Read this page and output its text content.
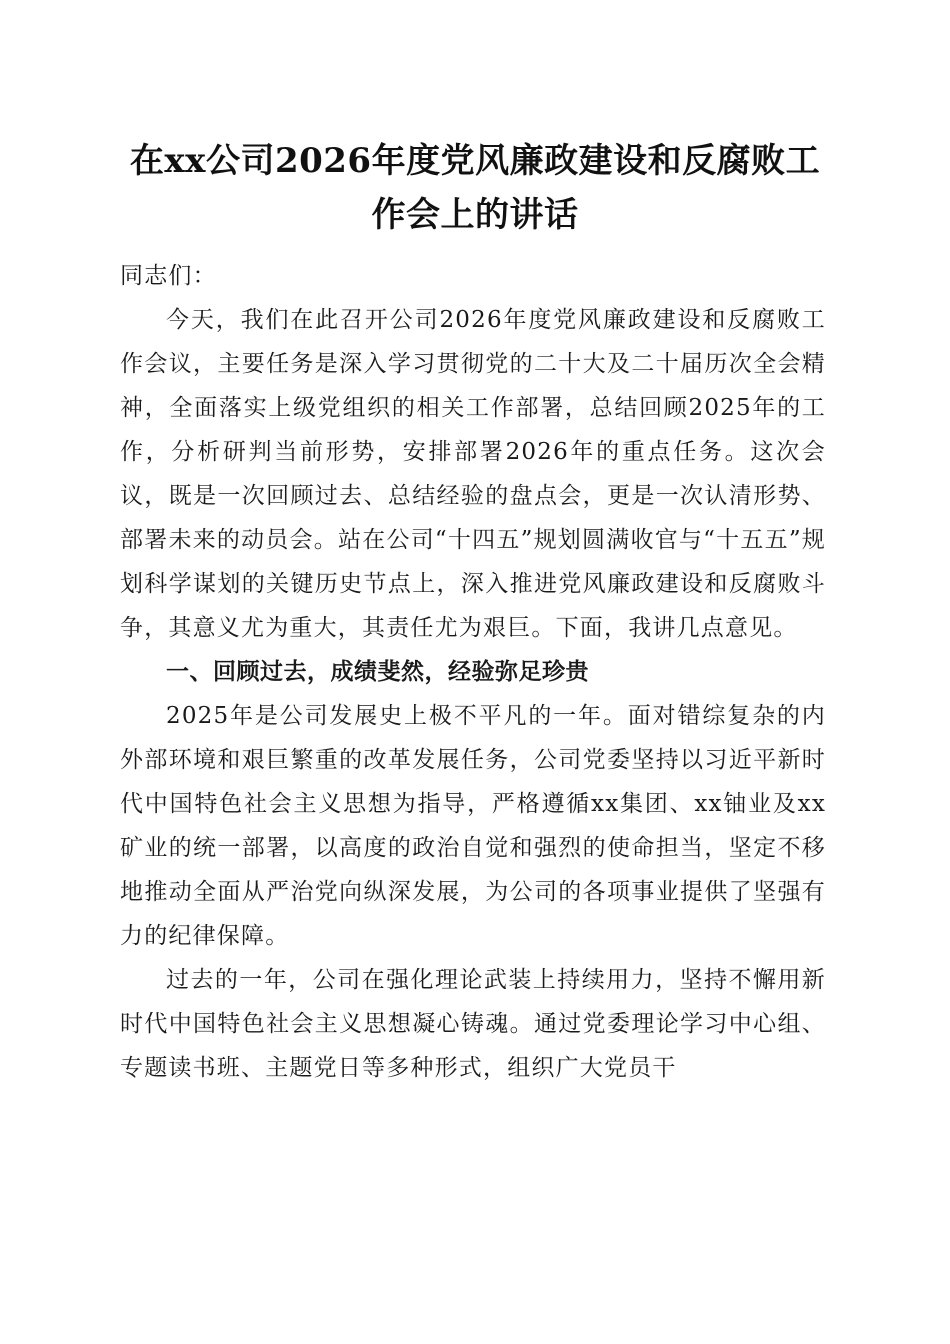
在xx公司2026年度党风廉政建设和反腐败工
作会上的讲话

同志们：

今天，我们在此召开公司2026年度党风廉政建设和反腐败工作会议，主要任务是深入学习贯彻党的二十大及二十届历次全会精神，全面落实上级党组织的相关工作部署，总结回顾2025年的工作，分析研判当前形势，安排部署2026年的重点任务。这次会议，既是一次回顾过去、总结经验的盘点会，更是一次认清形势、部署未来的动员会。站在公司“十四五”规划圆满收官与“十五五”规划科学谋划的关键历史节点上，深入推进党风廉政建设和反腐败斗争，其意义尤为重大，其责任尤为艰巨。下面，我讲几点意见。

一、回顾过去，成绩斐然，经验弥足珍贵

2025年是公司发展史上极不平凡的一年。面对错综复杂的内外部环境和艰巨繁重的改革发展任务，公司党委坚持以习近平新时代中国特色社会主义思想为指导，严格遵循xx集团、xx铀业及xx矿业的统一部署，以高度的政治自觉和强烈的使命担当，坚定不移地推动全面从严治党向纵深发展，为公司的各项事业提供了坚强有力的纪律保障。

过去的一年，公司在强化理论武装上持续用力，坚持不懈用新时代中国特色社会主义思想凝心铸魂。通过党委理论学习中心组、专题读书班、主题党日等多种形式，组织广大党员干
